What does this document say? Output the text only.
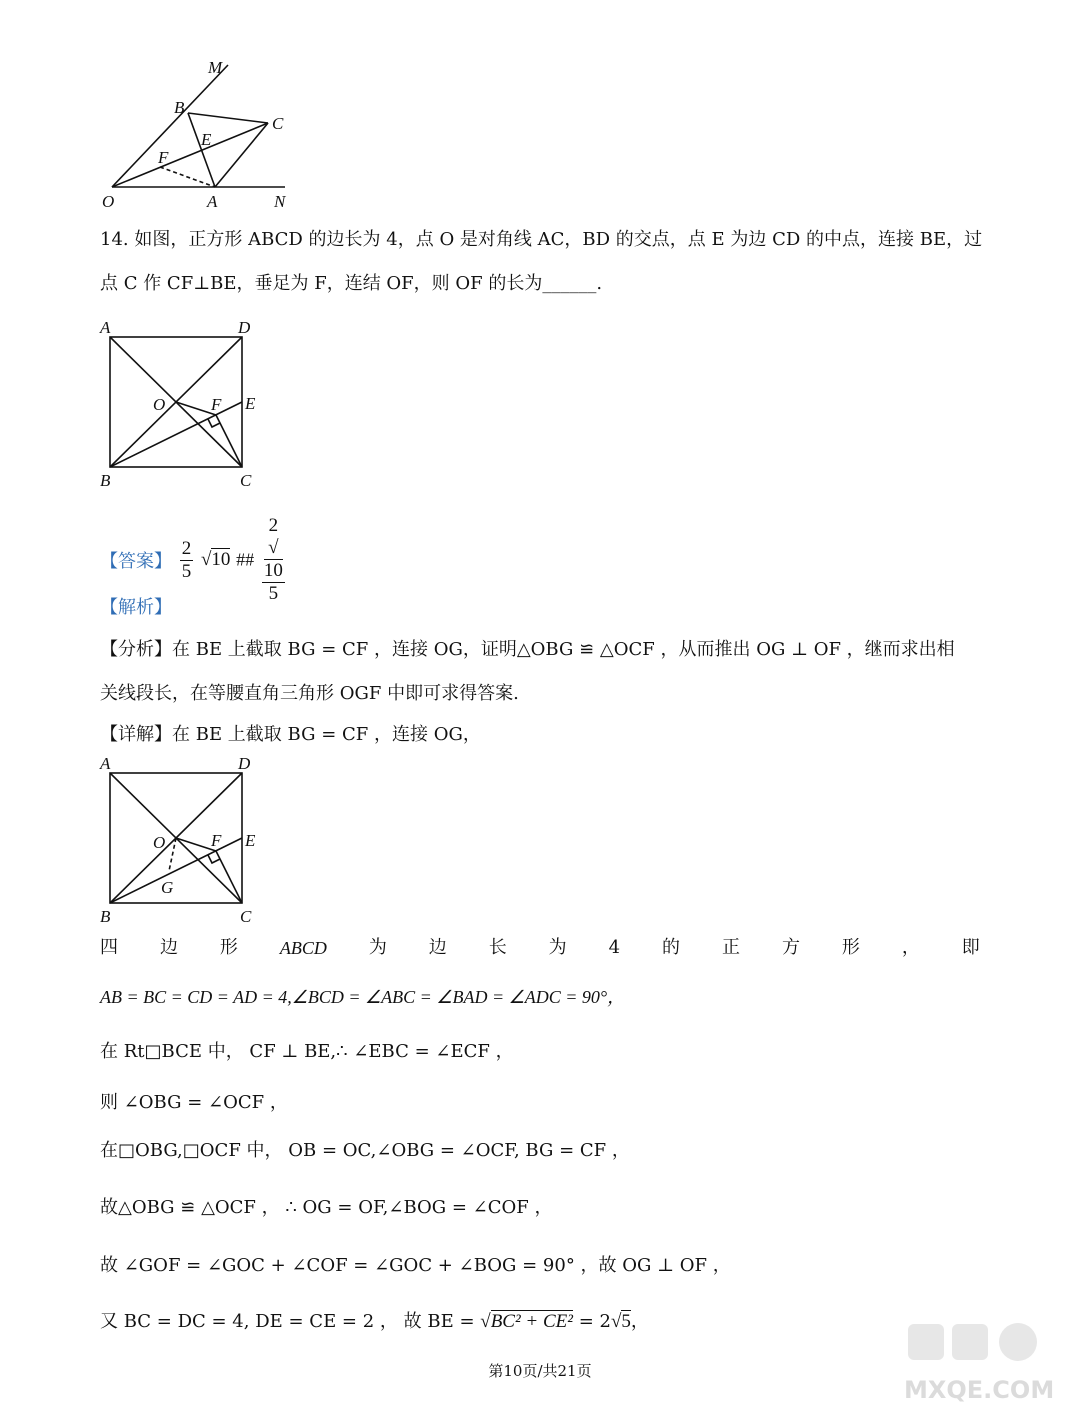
M
B
C
E
F
O	A	N
14. 如图，正方形 ABCD 的边长为 4，点 O 是对角线 AC，BD 的交点，点 E 为边 CD 的中点，连接 BE，过
点 C 作 CF⊥BE，垂足为 F，连结 OF，则 OF 的长为______.
A	D
O	F E
B	C
【答案】 $\frac{2}{5} √10$ ## 2
√
10
5
【解析】
【分析】在 BE 上截取 BG = CF ，连接 OG，证明△OBG ≌ △OCF ，从而推出 OG ⊥ OF ，继而求出相
关线段长，在等腰直角三角形 OGF 中即可求得答案.
【详解】在 BE 上截取 BG = CF ，连接 OG，
A	D
O	F E
G
B	C
四 边 形 ABCD 为 边 长 为 4 的 正 方 形 ， 即
AB = BC = CD = AD = 4,∠BCD = ∠ABC = ∠BAD = ∠ADC = 90°，
在 Rt□BCE 中， CF ⊥ BE,∴ ∠EBC = ∠ECF ，
则 ∠OBG = ∠OCF ，
在□OBG,□OCF 中， OB = OC,∠OBG = ∠OCF, BG = CF ，
故△OBG ≌ △OCF ， ∴ OG = OF,∠BOG = ∠COF ，
故 ∠GOF = ∠GOC + ∠COF = ∠GOC + ∠BOG = 90° ，故 OG ⊥ OF ，
又 BC = DC = 4, DE = CE = 2 ， 故 BE = √BC² + CE² = 2√5，
第10页/共21页
MXQE.COM
